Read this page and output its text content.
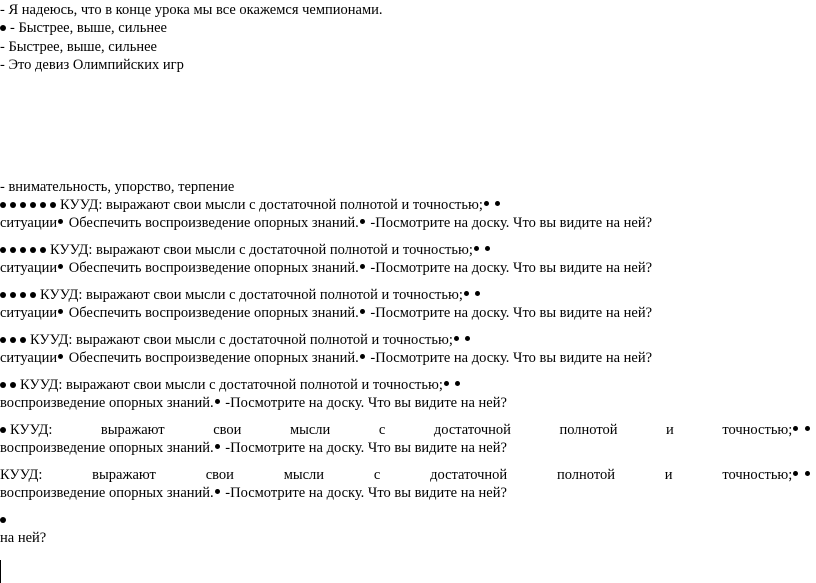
- Я надеюсь, что в конце урока мы все окажемся чемпионами.
- Быстрее, выше, сильнее
- Быстрее, выше, сильнее
- Это девиз Олимпийских игр
- внимательность, упорство, терпение
КУУД: выражают свои мысли с достаточной полнотой и точностью;
ситуации Обеспечить воспроизведение опорных знаний. -Посмотрите на доску. Что вы видите на ней?
КУУД: выражают свои мысли с достаточной полнотой и точностью;
ситуации Обеспечить воспроизведение опорных знаний. -Посмотрите на доску. Что вы видите на ней?
КУУД: выражают свои мысли с достаточной полнотой и точностью;
ситуации Обеспечить воспроизведение опорных знаний. -Посмотрите на доску. Что вы видите на ней?
КУУД: выражают свои мысли с достаточной полнотой и точностью;
ситуации Обеспечить воспроизведение опорных знаний. -Посмотрите на доску. Что вы видите на ней?
КУУД: выражают свои мысли с достаточной полнотой и точностью;
воспроизведение опорных знаний. -Посмотрите на доску. Что вы видите на ней?
КУУД:	выражают	свои	мысли	с	достаточной	полнотой	и	точностью;
воспроизведение опорных знаний. -Посмотрите на доску. Что вы видите на ней?
КУУД:	выражают	свои	мысли	с	достаточной	полнотой	и	точностью;
воспроизведение опорных знаний. -Посмотрите на доску. Что вы видите на ней?
на ней?
